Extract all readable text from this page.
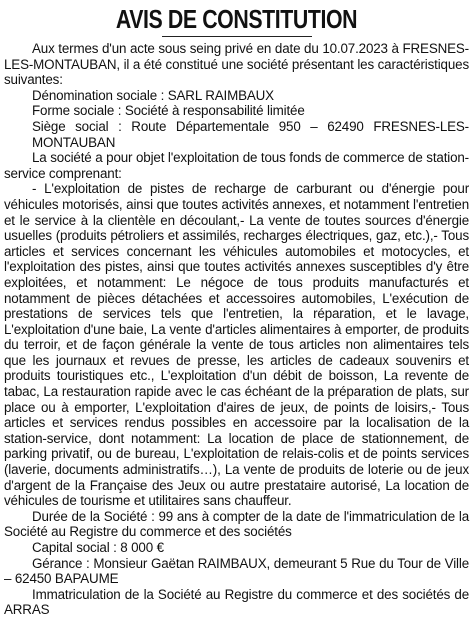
AVIS DE CONSTITUTION

Aux termes d'un acte sous seing privé en date du 10.07.2023 à FRESNES-LES-MONTAUBAN, il a été constitué une société présentant les caractéristiques suivantes:

Dénomination sociale : SARL RAIMBAUX

Forme sociale : Société à responsabilité limitée

Siège social : Route Départementale 950 – 62490 FRESNES-LES-MONTAUBAN

La société a pour objet l'exploitation de tous fonds de commerce de station-service comprenant:

- L'exploitation de pistes de recharge de carburant ou d'énergie pour véhicules motorisés, ainsi que toutes activités annexes, et notamment l'entretien et le service à la clientèle en découlant,- La vente de toutes sources d'énergie usuelles (produits pétroliers et assimilés, recharges électriques, gaz, etc.),- Tous articles et services concernant les véhicules automobiles et motocycles, et l'exploitation des pistes, ainsi que toutes activités annexes susceptibles d'y être exploitées, et notamment: Le négoce de tous produits manufacturés et notamment de pièces détachées et accessoires automobiles, L'exécution de prestations de services tels que l'entretien, la réparation, et le lavage, L'exploitation d'une baie, La vente d'articles alimentaires à emporter, de produits du terroir, et de façon générale la vente de tous articles non alimentaires tels que les journaux et revues de presse, les articles de cadeaux souvenirs et produits touristiques etc., L'exploitation d'un débit de boisson, La revente de tabac, La restauration rapide avec le cas échéant de la préparation de plats, sur place ou à emporter, L'exploitation d'aires de jeux, de points de loisirs,- Tous articles et services rendus possibles en accessoire par la localisation de la station-service, dont notamment: La location de place de stationnement, de parking privatif, ou de bureau, L'exploitation de relais-colis et de points services (laverie, documents administratifs…), La vente de produits de loterie ou de jeux d'argent de la Française des Jeux ou autre prestataire autorisé, La location de véhicules de tourisme et utilitaires sans chauffeur.

Durée de la Société : 99 ans à compter de la date de l'immatriculation de la Société au Registre du commerce et des sociétés

Capital social : 8 000 €

Gérance : Monsieur Gaëtan RAIMBAUX, demeurant 5 Rue du Tour de Ville – 62450 BAPAUME

Immatriculation de la Société au Registre du commerce et des sociétés de ARRAS
